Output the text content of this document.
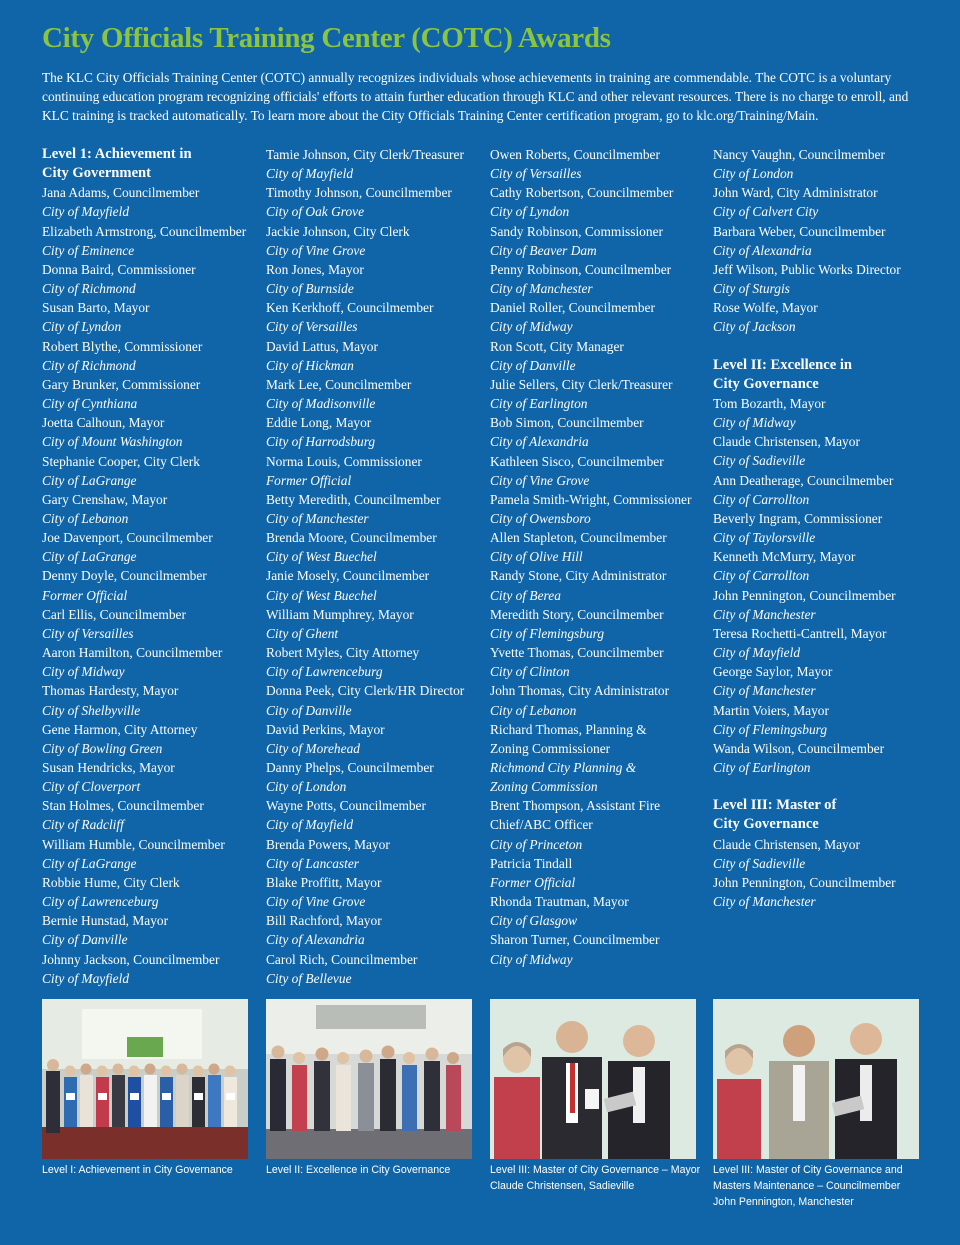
City Officials Training Center (COTC) Awards

The KLC City Officials Training Center (COTC) annually recognizes individuals whose achievements in training are commendable. The COTC is a voluntary continuing education program recognizing officials' efforts to attain further education through KLC and other relevant resources. There is no charge to enroll, and KLC training is tracked automatically. To learn more about the City Officials Training Center certification program, go to klc.org/Training/Main.

Level 1: Achievement in
City Government
Jana Adams, Councilmember
City of Mayfield
Elizabeth Armstrong, Councilmember
City of Eminence
Donna Baird, Commissioner
City of Richmond
Susan Barto, Mayor
City of Lyndon
Robert Blythe, Commissioner
City of Richmond
Gary Brunker, Commissioner
City of Cynthiana
Joetta Calhoun, Mayor
City of Mount Washington
Stephanie Cooper, City Clerk
City of LaGrange
Gary Crenshaw, Mayor
City of Lebanon
Joe Davenport, Councilmember
City of LaGrange
Denny Doyle, Councilmember
Former Official
Carl Ellis, Councilmember
City of Versailles
Aaron Hamilton, Councilmember
City of Midway
Thomas Hardesty, Mayor
City of Shelbyville
Gene Harmon, City Attorney
City of Bowling Green
Susan Hendricks, Mayor
City of Cloverport
Stan Holmes, Councilmember
City of Radcliff
William Humble, Councilmember
City of LaGrange
Robbie Hume, City Clerk
City of Lawrenceburg
Bernie Hunstad, Mayor
City of Danville
Johnny Jackson, Councilmember
City of Mayfield
Tamie Johnson, City Clerk/Treasurer
City of Mayfield
Timothy Johnson, Councilmember
City of Oak Grove
Jackie Johnson, City Clerk
City of Vine Grove
Ron Jones, Mayor
City of Burnside
Ken Kerkhoff, Councilmember
City of Versailles
David Lattus, Mayor
City of Hickman
Mark Lee, Councilmember
City of Madisonville
Eddie Long, Mayor
City of Harrodsburg
Norma Louis, Commissioner
Former Official
Betty Meredith, Councilmember
City of Manchester
Brenda Moore, Councilmember
City of West Buechel
Janie Mosely, Councilmember
City of West Buechel
William Mumphrey, Mayor
City of Ghent
Robert Myles, City Attorney
City of Lawrenceburg
Donna Peek, City Clerk/HR Director
City of Danville
David Perkins, Mayor
City of Morehead
Danny Phelps, Councilmember
City of London
Wayne Potts, Councilmember
City of Mayfield
Brenda Powers, Mayor
City of Lancaster
Blake Proffitt, Mayor
City of Vine Grove
Bill Rachford, Mayor
City of Alexandria
Carol Rich, Councilmember
City of Bellevue
Owen Roberts, Councilmember
City of Versailles
Cathy Robertson, Councilmember
City of Lyndon
Sandy Robinson, Commissioner
City of Beaver Dam
Penny Robinson, Councilmember
City of Manchester
Daniel Roller, Councilmember
City of Midway
Ron Scott, City Manager
City of Danville
Julie Sellers, City Clerk/Treasurer
City of Earlington
Bob Simon, Councilmember
City of Alexandria
Kathleen Sisco, Councilmember
City of Vine Grove
Pamela Smith-Wright, Commissioner
City of Owensboro
Allen Stapleton, Councilmember
City of Olive Hill
Randy Stone, City Administrator
City of Berea
Meredith Story, Councilmember
City of Flemingsburg
Yvette Thomas, Councilmember
City of Clinton
John Thomas, City Administrator
City of Lebanon
Richard Thomas, Planning &
Zoning Commissioner
Richmond City Planning &
Zoning Commission
Brent Thompson, Assistant Fire
Chief/ABC Officer
City of Princeton
Patricia Tindall
Former Official
Rhonda Trautman, Mayor
City of Glasgow
Sharon Turner, Councilmember
City of Midway
Nancy Vaughn, Councilmember
City of London
John Ward, City Administrator
City of Calvert City
Barbara Weber, Councilmember
City of Alexandria
Jeff Wilson, Public Works Director
City of Sturgis
Rose Wolfe, Mayor
City of Jackson
Level II: Excellence in
City Governance
Tom Bozarth, Mayor
City of Midway
Claude Christensen, Mayor
City of Sadieville
Ann Deatherage, Councilmember
City of Carrollton
Beverly Ingram, Commissioner
City of Taylorsville
Kenneth McMurry, Mayor
City of Carrollton
John Pennington, Councilmember
City of Manchester
Teresa Rochetti-Cantrell, Mayor
City of Mayfield
George Saylor, Mayor
City of Manchester
Martin Voiers, Mayor
City of Flemingsburg
Wanda Wilson, Councilmember
City of Earlington
Level III: Master of
City Governance
Claude Christensen, Mayor
City of Sadieville
John Pennington, Councilmember
City of Manchester

Level I: Achievement in City Governance	Level II: Excellence in City Governance	Level III: Master of City Governance – Mayor Claude Christensen, Sadieville

Level III: Master of City Governance and Masters Maintenance – Councilmember John Pennington, Manchester
